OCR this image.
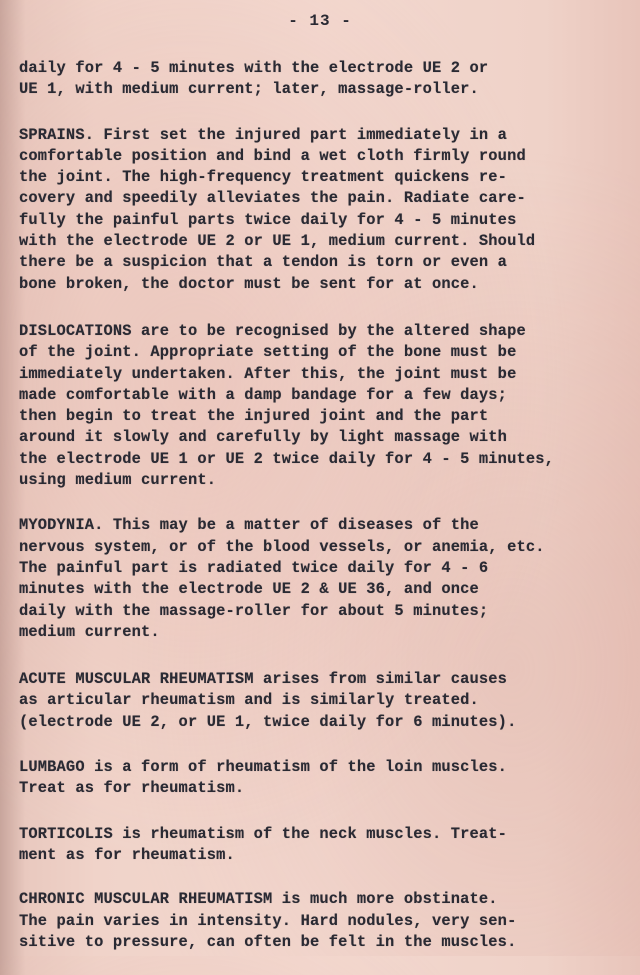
- 13 -

daily for 4 - 5 minutes with the electrode UE 2 or
UE 1, with medium current; later, massage-roller.

SPRAINS. First set the injured part immediately in a
comfortable position and bind a wet cloth firmly round
the joint. The high-frequency treatment quickens re-
covery and speedily alleviates the pain. Radiate care-
fully the painful parts twice daily for 4 - 5 minutes
with the electrode UE 2 or UE 1, medium current. Should
there be a suspicion that a tendon is torn or even a
bone broken, the doctor must be sent for at once.

DISLOCATIONS are to be recognised by the altered shape
of the joint. Appropriate setting of the bone must be
immediately undertaken. After this, the joint must be
made comfortable with a damp bandage for a few days;
then begin to treat the injured joint and the part
around it slowly and carefully by light massage with
the electrode UE 1 or UE 2 twice daily for 4 - 5 minutes,
using medium current.

MYODYNIA. This may be a matter of diseases of the
nervous system, or of the blood vessels, or anemia, etc.
The painful part is radiated twice daily for 4 - 6
minutes with the electrode UE 2 & UE 36, and once
daily with the massage-roller for about 5 minutes;
medium current.

ACUTE MUSCULAR RHEUMATISM arises from similar causes
as articular rheumatism and is similarly treated.
(electrode UE 2, or UE 1, twice daily for 6 minutes).

LUMBAGO is a form of rheumatism of the loin muscles.
Treat as for rheumatism.

TORTICOLIS is rheumatism of the neck muscles. Treat-
ment as for rheumatism.

CHRONIC MUSCULAR RHEUMATISM is much more obstinate.
The pain varies in intensity. Hard nodules, very sen-
sitive to pressure, can often be felt in the muscles.
